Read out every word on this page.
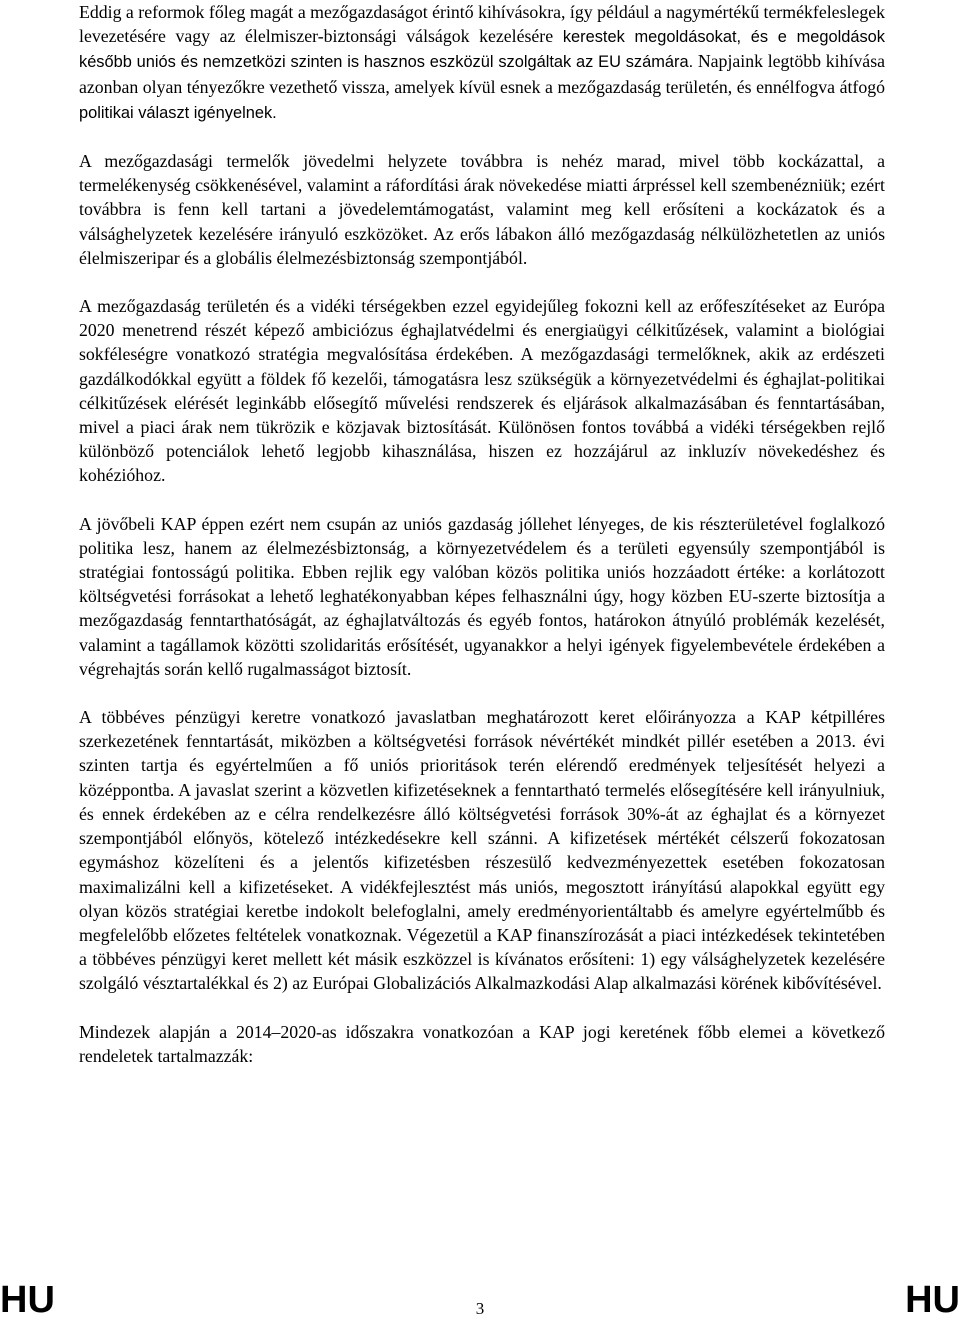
Eddig a reformok főleg magát a mezőgazdaságot érintő kihívásokra, így például a nagymértékű termékfeleslegek levezetésére vagy az élelmiszer-biztonsági válságok kezelésére kerestek megoldásokat, és e megoldások később uniós és nemzetközi szinten is hasznos eszközül szolgáltak az EU számára. Napjaink legtöbb kihívása azonban olyan tényezőkre vezethető vissza, amelyek kívül esnek a mezőgazdaság területén, és ennélfogva átfogó politikai választ igényelnek.

A mezőgazdasági termelők jövedelmi helyzete továbbra is nehéz marad, mivel több kockázattal, a termelékenység csökkenésével, valamint a ráfordítási árak növekedése miatti árpréssel kell szembenézniük; ezért továbbra is fenn kell tartani a jövedelemtámogatást, valamint meg kell erősíteni a kockázatok és a válsághelyzetek kezelésére irányuló eszközöket. Az erős lábakon álló mezőgazdaság nélkülözhetetlen az uniós élelmiszeripar és a globális élelmezésbiztonság szempontjából.

A mezőgazdaság területén és a vidéki térségekben ezzel egyidejűleg fokozni kell az erőfeszítéseket az Európa 2020 menetrend részét képező ambiciózus éghajlatvédelmi és energiaügyi célkitűzések, valamint a biológiai sokféleségre vonatkozó stratégia megvalósítása érdekében. A mezőgazdasági termelőknek, akik az erdészeti gazdálkodókkal együtt a földek fő kezelői, támogatásra lesz szükségük a környezetvédelmi és éghajlat-politikai célkitűzések elérését leginkább elősegítő művelési rendszerek és eljárások alkalmazásában és fenntartásában, mivel a piaci árak nem tükrözik e közjavak biztosítását. Különösen fontos továbbá a vidéki térségekben rejlő különböző potenciálok lehető legjobb kihasználása, hiszen ez hozzájárul az inkluzív növekedéshez és kohézióhoz.

A jövőbeli KAP éppen ezért nem csupán az uniós gazdaság jóllehet lényeges, de kis részterületével foglalkozó politika lesz, hanem az élelmezésbiztonság, a környezetvédelem és a területi egyensúly szempontjából is stratégiai fontosságú politika. Ebben rejlik egy valóban közös politika uniós hozzáadott értéke: a korlátozott költségvetési forrásokat a lehető leghatékonyabban képes felhasználni úgy, hogy közben EU-szerte biztosítja a mezőgazdaság fenntarthatóságát, az éghajlatváltozás és egyéb fontos, határokon átnyúló problémák kezelését, valamint a tagállamok közötti szolidaritás erősítését, ugyanakkor a helyi igények figyelembevétele érdekében a végrehajtás során kellő rugalmasságot biztosít.

A többéves pénzügyi keretre vonatkozó javaslatban meghatározott keret előirányozza a KAP kétpilléres szerkezetének fenntartását, miközben a költségvetési források névértékét mindkét pillér esetében a 2013. évi szinten tartja és egyértelműen a fő uniós prioritások terén elérendő eredmények teljesítését helyezi a középpontba. A javaslat szerint a közvetlen kifizetéseknek a fenntartható termelés elősegítésére kell irányulniuk, és ennek érdekében az e célra rendelkezésre álló költségvetési források 30%-át az éghajlat és a környezet szempontjából előnyös, kötelező intézkedésekre kell szánni. A kifizetések mértékét célszerű fokozatosan egymáshoz közelíteni és a jelentős kifizetésben részesülő kedvezményezettek esetében fokozatosan maximalizálni kell a kifizetéseket. A vidékfejlesztést más uniós, megosztott irányítású alapokkal együtt egy olyan közös stratégiai keretbe indokolt belefoglalni, amely eredményorientáltabb és amelyre egyértelműbb és megfelelőbb előzetes feltételek vonatkoznak. Végezetül a KAP finanszírozását a piaci intézkedések tekintetében a többéves pénzügyi keret mellett két másik eszközzel is kívánatos erősíteni: 1) egy válsághelyzetek kezelésére szolgáló vésztartalékkal és 2) az Európai Globalizációs Alkalmazkodási Alap alkalmazási körének kibővítésével.

Mindezek alapján a 2014–2020-as időszakra vonatkozóan a KAP jogi keretének főbb elemei a következő rendeletek tartalmazzák:

HU	3	HU
